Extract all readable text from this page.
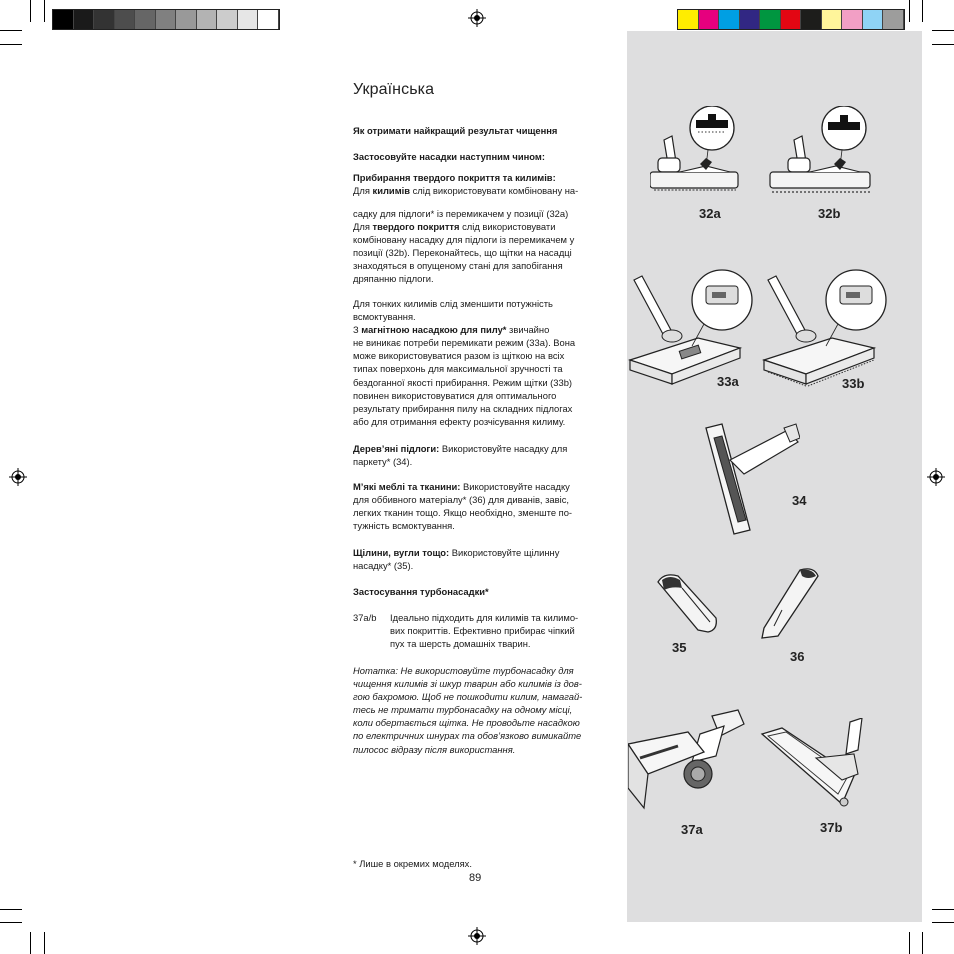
Українська
Як отримати найкращий результат чищення
Застосовуйте насадки наступним чином:
Прибирання твердого покриття та килимів:
Для килимів слід використовувати комбіновану на-
садку для підлоги* із перемикачем у позиції (32a)
Для твердого покриття слід використовувати
комбіновану насадку для підлоги із перемикачем у
позиції (32b). Переконайтесь, що щітки на насадці
знаходяться в опущеному стані для запобігання
дряпанню підлоги.
Для тонких килимів слід зменшити потужність
всмоктування.
З магнітною насадкою для пилу* звичайно
не виникає потреби перемикати режим (33a). Вона
може використовуватися разом із щіткою на всіх
типах поверхонь для максимальної зручності та
бездоганної якості прибирання. Режим щітки (33b)
повинен використовуватися для оптимального
результату прибирання пилу на складних підлогах
або для отримання ефекту розчісування килиму.
Дерев’яні підлоги: Використовуйте насадку для
паркету* (34).
М’які меблі та тканини: Використовуйте насадку
для оббивного матеріалу* (36) для диванів, завіс,
легких тканин тощо. Якщо необхідно, зменште по-
тужність всмоктування.
Щілини, вугли тощо: Використовуйте щілинну
насадку* (35).
Застосування турбонасадки*
37a/b	Ідеально підходить для килимів та килимо-
вих покриттів. Ефективно прибирає чіпкий
пух та шерсть домашніх тварин.
Нотатка: Не використовуйте турбонасадку для
чищення килимів зі шкур тварин або килимів із дов-
гою бахромою. Щоб не пошкодити килим, намагай-
тесь не тримати турбонасадку на одному місці,
коли обертається щітка. Не проводьте насадкою
по електричних шнурах та обов’язково вимикайте
пилосос відразу після використання.
* Лише в окремих моделях.
89
32a	32b
33a	33b
34
35
36
37a	37b
